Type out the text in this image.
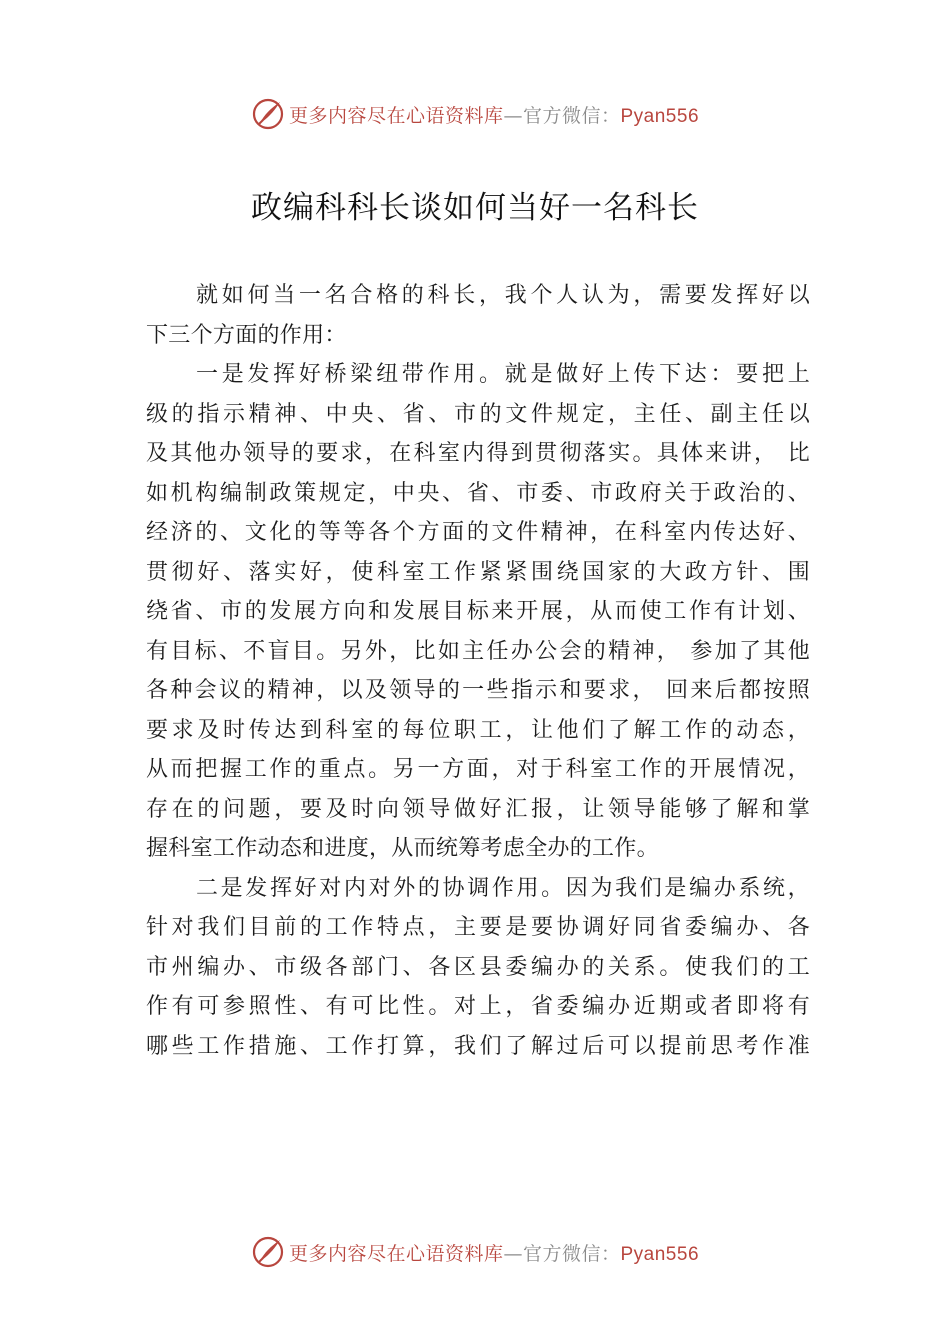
更多内容尽在心语资料库—官方微信：Pyan556
政编科科长谈如何当好一名科长
就如何当一名合格的科长，我个人认为，需要发挥好以
下三个方面的作用：
一是发挥好桥梁纽带作用。就是做好上传下达：要把上
级的指示精神、中央、省、市的文件规定，主任、副主任以
及其他办领导的要求，在科室内得到贯彻落实。具体来讲， 比
如机构编制政策规定，中央、省、市委、市政府关于政治的、
经济的、文化的等等各个方面的文件精神，在科室内传达好、
贯彻好、落实好，使科室工作紧紧围绕国家的大政方针、围
绕省、市的发展方向和发展目标来开展，从而使工作有计划、
有目标、不盲目。另外，比如主任办公会的精神， 参加了其他
各种会议的精神，以及领导的一些指示和要求， 回来后都按照
要求及时传达到科室的每位职工，让他们了解工作的动态，
从而把握工作的重点。另一方面，对于科室工作的开展情况，
存在的问题，要及时向领导做好汇报，让领导能够了解和掌
握科室工作动态和进度，从而统筹考虑全办的工作。
二是发挥好对内对外的协调作用。因为我们是编办系统，
针对我们目前的工作特点，主要是要协调好同省委编办、各
市州编办、市级各部门、各区县委编办的关系。使我们的工
作有可参照性、有可比性。对上，省委编办近期或者即将有
哪些工作措施、工作打算，我们了解过后可以提前思考作准
更多内容尽在心语资料库—官方微信：Pyan556
